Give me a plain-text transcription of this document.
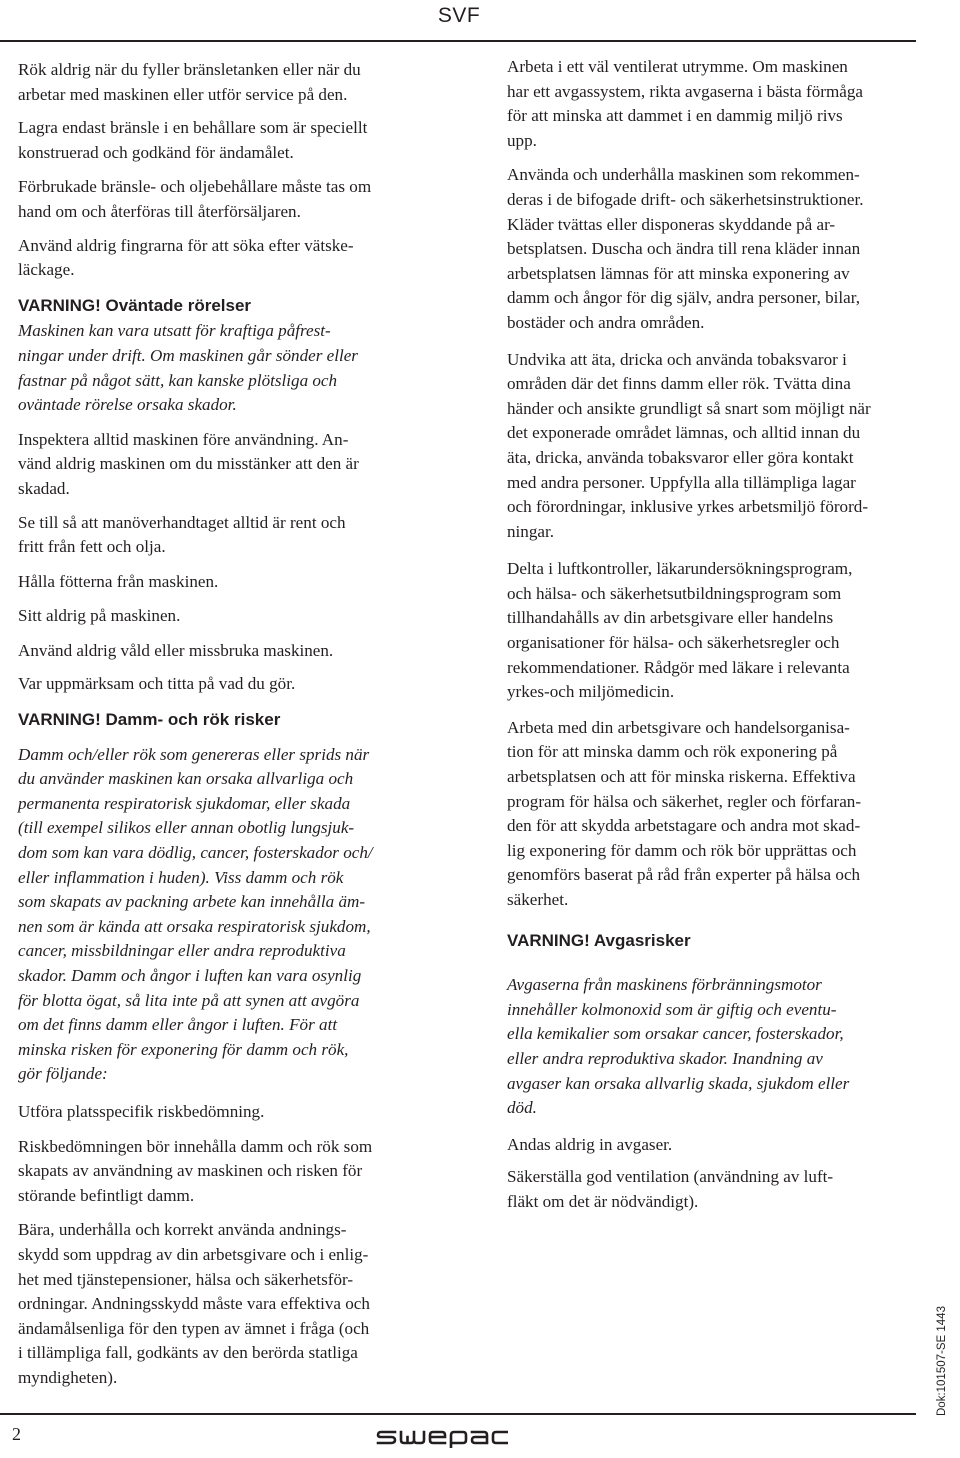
SVF

Rök aldrig när du fyller bränsletanken eller när du
arbetar med maskinen eller utför service på den.

Lagra endast bränsle i en behållare som är speciellt
konstruerad och godkänd för ändamålet.

Förbrukade bränsle- och oljebehållare måste tas om
hand om och återföras till återförsäljaren.

Använd aldrig fingrarna för att söka efter vätske-
läckage.

VARNING! Oväntade rörelser

Maskinen kan vara utsatt för kraftiga påfrest-
ningar under drift. Om maskinen går sönder eller
fastnar på något sätt, kan kanske plötsliga och
oväntade rörelse orsaka skador.

Inspektera alltid maskinen före användning. An-
vänd aldrig maskinen om du misstänker att den är
skadad.

Se till så att manöverhandtaget alltid är rent och
fritt från fett och olja.

Hålla fötterna från maskinen.

Sitt aldrig på maskinen.

Använd aldrig våld eller missbruka maskinen.

Var uppmärksam och titta på vad du gör.

VARNING! Damm- och rök risker

Damm och/eller rök som genereras eller sprids när
du använder maskinen kan orsaka allvarliga och
permanenta respiratorisk sjukdomar, eller skada
(till exempel silikos eller annan obotlig lungsjuk-
dom som kan vara dödlig, cancer, fosterskador och/
eller inflammation i huden). Viss damm och rök
som skapats av packning arbete kan innehålla äm-
nen som är kända att orsaka respiratorisk sjukdom,
cancer, missbildningar eller andra reproduktiva
skador. Damm och ångor i luften kan vara osynlig
för blotta ögat, så lita inte på att synen att avgöra
om det finns damm eller ångor i luften. För att
minska risken för exponering för damm och rök,
gör följande:

Utföra platsspecifik riskbedömning.

Riskbedömningen bör innehålla damm och rök som
skapats av användning av maskinen och risken för
störande befintligt damm.

Bära, underhålla och korrekt använda andnings-
skydd som uppdrag av din arbetsgivare och i enlig-
het med tjänstepensioner, hälsa och säkerhetsför-
ordningar. Andningsskydd måste vara effektiva och
ändamålsenliga för den typen av ämnet i fråga (och
i tillämpliga fall, godkänts av den berörda statliga
myndigheten).

Arbeta i ett väl ventilerat utrymme. Om maskinen
har ett avgassystem, rikta avgaserna i bästa förmåga
för att minska att dammet i en dammig miljö rivs
upp.

Använda och underhålla maskinen som rekommen-
deras i de bifogade drift- och säkerhetsinstruktioner.
Kläder tvättas eller disponeras skyddande på ar-
betsplatsen. Duscha och ändra till rena kläder innan
arbetsplatsen lämnas för att minska exponering av
damm och ångor för dig själv, andra personer, bilar,
bostäder och andra områden.

Undvika att äta, dricka och använda tobaksvaror i
områden där det finns damm eller rök. Tvätta dina
händer och ansikte grundligt så snart som möjligt när
det exponerade området lämnas, och alltid innan du
äta, dricka, använda tobaksvaror eller göra kontakt
med andra personer. Uppfylla alla tillämpliga lagar
och förordningar, inklusive yrkes arbetsmiljö förord-
ningar.

Delta i luftkontroller, läkarundersökningsprogram,
och hälsa- och säkerhetsutbildningsprogram som
tillhandahålls av din arbetsgivare eller handelns
organisationer för hälsa- och säkerhetsregler och
rekommendationer. Rådgör med läkare i relevanta
yrkes-och miljömedicin.

Arbeta med din arbetsgivare och handelsorganisa-
tion för att minska damm och rök exponering på
arbetsplatsen och att för minska riskerna. Effektiva
program för hälsa och säkerhet, regler och förfaran-
den för att skydda arbetstagare och andra mot skad-
lig exponering för damm och rök bör upprättas och
genomförs baserat på råd från experter på hälsa och
säkerhet.

VARNING! Avgasrisker

Avgaserna från maskinens förbränningsmotor
innehåller kolmonoxid som är giftig och eventu-
ella kemikalier som orsakar cancer, fosterskador,
eller andra reproduktiva skador. Inandning av
avgaser kan orsaka allvarlig skada, sjukdom eller
död.

Andas aldrig in avgaser.

Säkerställa god ventilation (användning av luft-
fläkt om det är nödvändigt).

2
Dok:101507-SE 1443
